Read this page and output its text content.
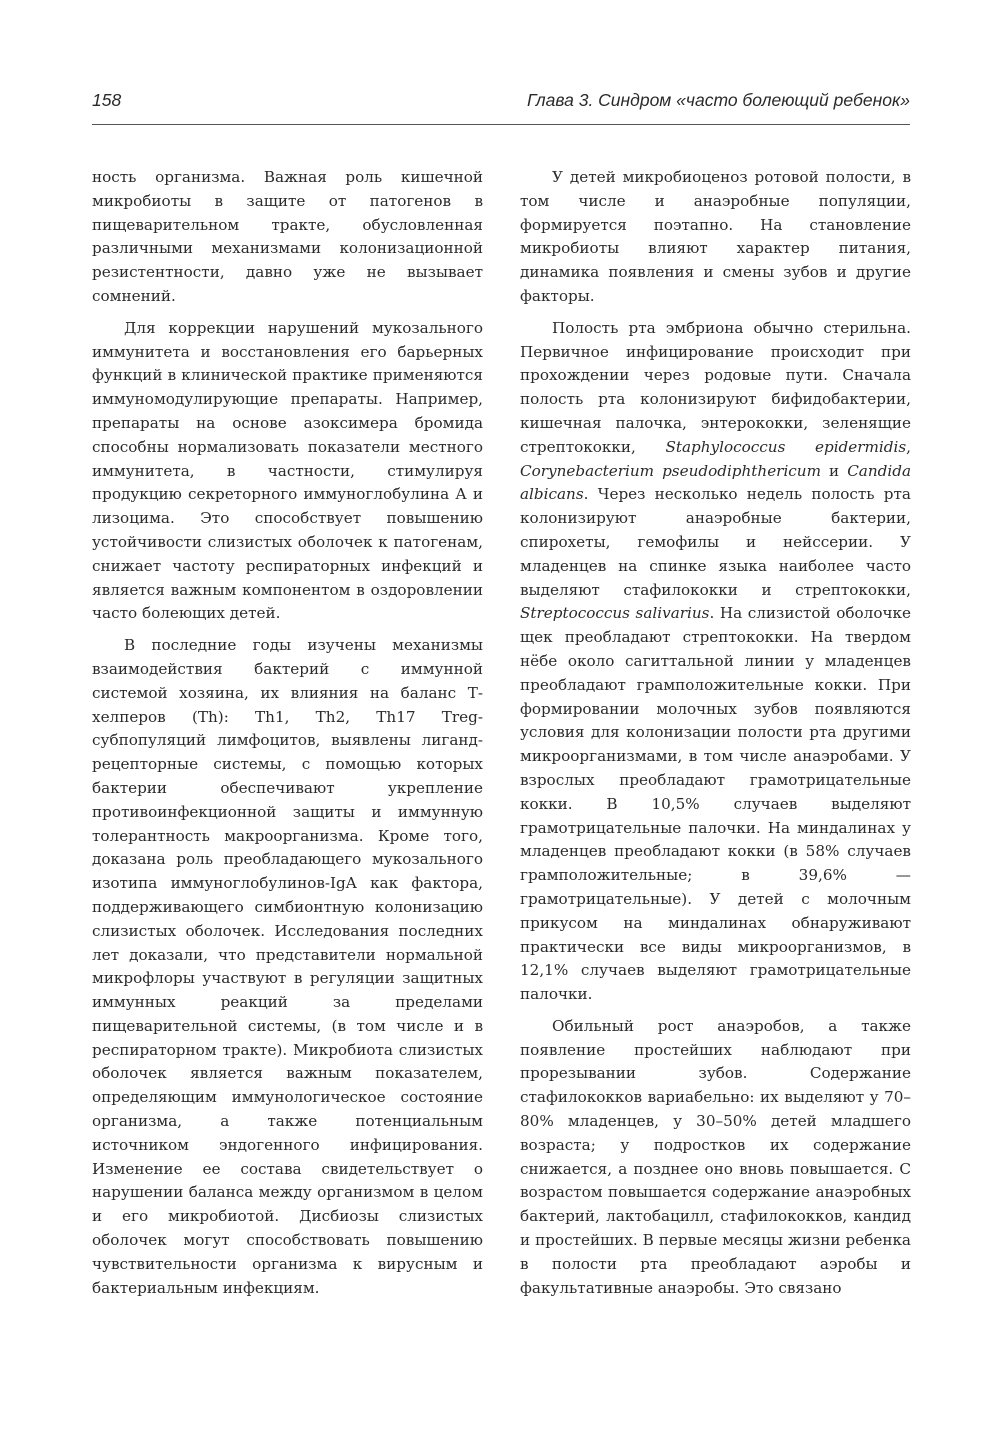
158	Глава 3. Синдром «часто болеющий ребенок»

ность организма. Важная роль кишечной микробиоты в защите от патогенов в пищеварительном тракте, обусловленная различными механизмами колонизационной резистентности, давно уже не вызывает сомнений.

Для коррекции нарушений мукозального иммунитета и восстановления его барьерных функций в клинической практике применяются иммуномодулирующие препараты. Например, препараты на основе азоксимера бромида способны нормализовать показатели местного иммунитета, в частности, стимулируя продукцию секреторного иммуноглобулина А и лизоцима. Это способствует повышению устойчивости слизистых оболочек к патогенам, снижает частоту респираторных инфекций и является важным компонентом в оздоровлении часто болеющих детей.

В последние годы изучены механизмы взаимодействия бактерий с иммунной системой хозяина, их влияния на баланс Т-хелперов (Th): Th1, Th2, Th17 Treg-субпопуляций лимфоцитов, выявлены лиганд-рецепторные системы, с помощью которых бактерии обеспечивают укрепление противоинфекционной защиты и иммунную толерантность макроорганизма. Кроме того, доказана роль преобладающего мукозального изотипа иммуноглобулинов-IgA как фактора, поддерживающего симбионтную колонизацию слизистых оболочек. Исследования последних лет доказали, что представители нормальной микрофлоры участвуют в регуляции защитных иммунных реакций за пределами пищеварительной системы, (в том числе и в респираторном тракте). Микробиота слизистых оболочек является важным показателем, определяющим иммунологическое состояние организма, а также потенциальным источником эндогенного инфицирования. Изменение ее состава свидетельствует о нарушении баланса между организмом в целом и его микробиотой. Дисбиозы слизистых оболочек могут способствовать повышению чувствительности организма к вирусным и бактериальным инфекциям.

У детей микробиоценоз ротовой полости, в том числе и анаэробные популяции, формируется поэтапно. На становление микробиоты влияют характер питания, динамика появления и смены зубов и другие факторы.

Полость рта эмбриона обычно стерильна. Первичное инфицирование происходит при прохождении через родовые пути. Сначала полость рта колонизируют бифидобактерии, кишечная палочка, энтерококки, зеленящие стрептококки, Staphylococcus epidermidis, Corynebacterium pseudodiphthericum и Candida albicans. Через несколько недель полость рта колонизируют анаэробные бактерии, спирохеты, гемофилы и нейссерии. У младенцев на спинке языка наиболее часто выделяют стафилококки и стрептококки, Streptococcus salivarius. На слизистой оболочке щек преобладают стрептококки. На твердом нёбе около сагиттальной линии у младенцев преобладают грамположительные кокки. При формировании молочных зубов появляются условия для колонизации полости рта другими микроорганизмами, в том числе анаэробами. У взрослых преобладают грамотрицательные кокки. В 10,5% случаев выделяют грамотрицательные палочки. На миндалинах у младенцев преобладают кокки (в 58% случаев грамположительные; в 39,6% — грамотрицательные). У детей с молочным прикусом на миндалинах обнаруживают практически все виды микроорганизмов, в 12,1% случаев выделяют грамотрицательные палочки.

Обильный рост анаэробов, а также появление простейших наблюдают при прорезывании зубов. Содержание стафилококков вариабельно: их выделяют у 70–80% младенцев, у 30–50% детей младшего возраста; у подростков их содержание снижается, а позднее оно вновь повышается. С возрастом повышается содержание анаэробных бактерий, лактобацилл, стафилококков, кандид и простейших. В первые месяцы жизни ребенка в полости рта преобладают аэробы и факультативные анаэробы. Это связано
